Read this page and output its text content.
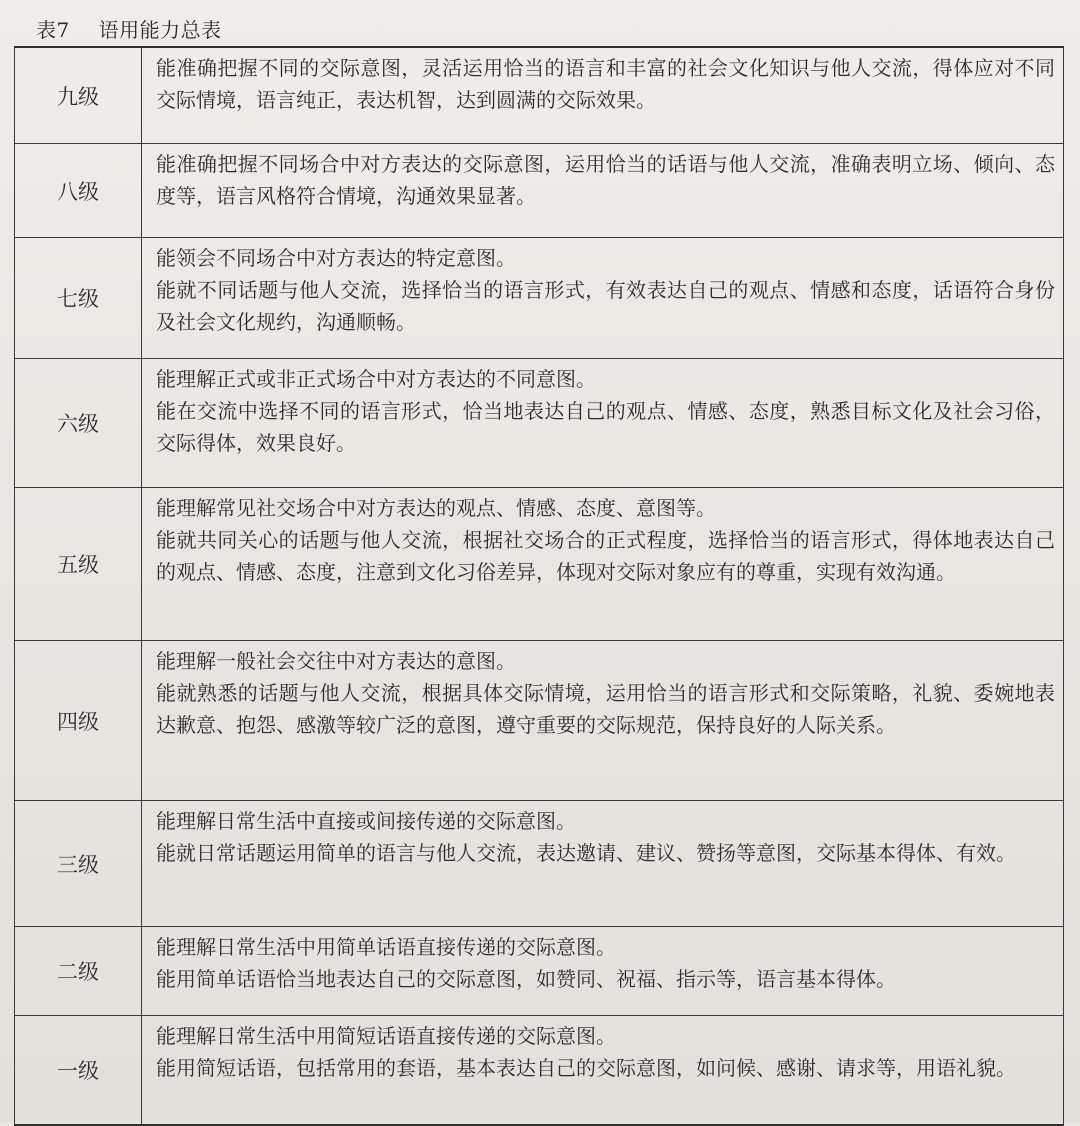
表7 语用能力总表
九级

能准确把握不同的交际意图，灵活运用恰当的语言和丰富的社会文化知识与他人交流，得体应对不同交际情境，语言纯正，表达机智，达到圆满的交际效果。

八级

能准确把握不同场合中对方表达的交际意图，运用恰当的话语与他人交流，准确表明立场、倾向、态度等，语言风格符合情境，沟通效果显著。

七级

能领会不同场合中对方表达的特定意图。

能就不同话题与他人交流，选择恰当的语言形式，有效表达自己的观点、情感和态度，话语符合身份及社会文化规约，沟通顺畅。

六级

能理解正式或非正式场合中对方表达的不同意图。

能在交流中选择不同的语言形式，恰当地表达自己的观点、情感、态度，熟悉目标文化及社会习俗，交际得体，效果良好。

五级

能理解常见社交场合中对方表达的观点、情感、态度、意图等。

能就共同关心的话题与他人交流，根据社交场合的正式程度，选择恰当的语言形式，得体地表达自己的观点、情感、态度，注意到文化习俗差异，体现对交际对象应有的尊重，实现有效沟通。

四级

能理解一般社会交往中对方表达的意图。

能就熟悉的话题与他人交流，根据具体交际情境，运用恰当的语言形式和交际策略，礼貌、委婉地表达歉意、抱怨、感激等较广泛的意图，遵守重要的交际规范，保持良好的人际关系。

三级

能理解日常生活中直接或间接传递的交际意图。

能就日常话题运用简单的语言与他人交流，表达邀请、建议、赞扬等意图，交际基本得体、有效。

二级

能理解日常生活中用简单话语直接传递的交际意图。

能用简单话语恰当地表达自己的交际意图，如赞同、祝福、指示等，语言基本得体。

一级

能理解日常生活中用简短话语直接传递的交际意图。

能用简短话语，包括常用的套语，基本表达自己的交际意图，如问候、感谢、请求等，用语礼貌。
